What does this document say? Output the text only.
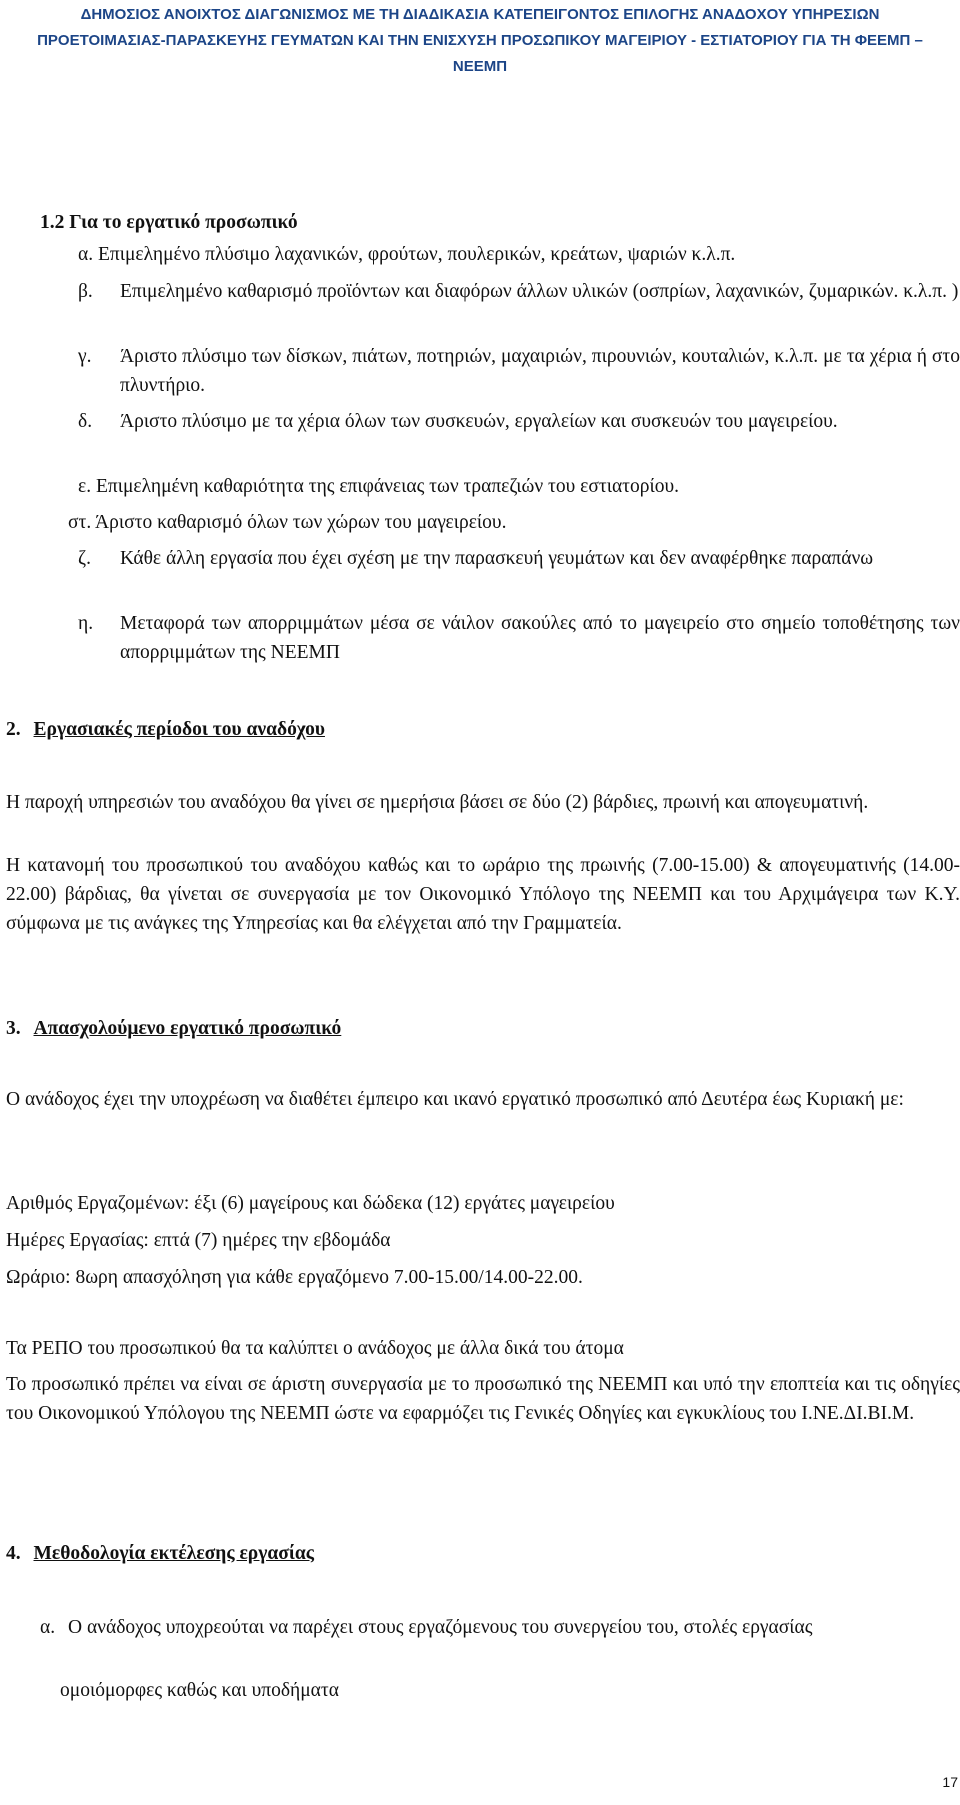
ΔΗΜΟΣΙΟΣ ΑΝΟΙΧΤΟΣ ΔΙΑΓΩΝΙΣΜΟΣ ΜΕ ΤΗ ΔΙΑΔΙΚΑΣΙΑ ΚΑΤΕΠΕΙΓΟΝΤΟΣ ΕΠΙΛΟΓΗΣ ΑΝΑΔΟΧΟΥ ΥΠΗΡΕΣΙΩΝ
ΠΡΟΕΤΟΙΜΑΣΙΑΣ-ΠΑΡΑΣΚΕΥΗΣ ΓΕΥΜΑΤΩΝ ΚΑΙ ΤΗΝ ΕΝΙΣΧΥΣΗ ΠΡΟΣΩΠΙΚΟΥ ΜΑΓΕΙΡΙΟΥ - ΕΣΤΙΑΤΟΡΙΟΥ ΓΙΑ ΤΗ ΦΕΕΜΠ –
ΝΕΕΜΠ
1.2 Για το εργατικό προσωπικό
α. Επιμελημένο πλύσιμο λαχανικών, φρούτων, πουλερικών, κρεάτων, ψαριών κ.λ.π.
β. Επιμελημένο καθαρισμό προϊόντων και διαφόρων άλλων υλικών (οσπρίων, λαχανικών, ζυμαρικών. κ.λ.π. )
γ. Άριστο πλύσιμο των δίσκων, πιάτων, ποτηριών, μαχαιριών, πιρουνιών, κουταλιών, κ.λ.π. με τα χέρια ή στο πλυντήριο.
δ. Άριστο πλύσιμο με τα χέρια όλων των συσκευών, εργαλείων και συσκευών του μαγειρείου.
ε. Επιμελημένη καθαριότητα της επιφάνειας των τραπεζιών του εστιατορίου.
στ. Άριστο καθαρισμό όλων των χώρων του μαγειρείου.
ζ. Κάθε άλλη εργασία που έχει σχέση με την παρασκευή γευμάτων και δεν αναφέρθηκε παραπάνω
η. Μεταφορά των απορριμμάτων μέσα σε νάιλον σακούλες από το μαγειρείο στο σημείο τοποθέτησης των απορριμμάτων της ΝΕΕΜΠ
2. Εργασιακές περίοδοι του αναδόχου
Η παροχή υπηρεσιών του αναδόχου θα γίνει σε ημερήσια βάσει σε δύο (2) βάρδιες, πρωινή και απογευματινή.
Η κατανομή του προσωπικού του αναδόχου καθώς και το ωράριο της πρωινής (7.00-15.00) & απογευματινής (14.00-22.00) βάρδιας, θα γίνεται σε συνεργασία με τον Οικονομικό Υπόλογο της ΝΕΕΜΠ και του Αρχιμάγειρα των Κ.Υ. σύμφωνα με τις ανάγκες της Υπηρεσίας και θα ελέγχεται από την Γραμματεία.
3. Απασχολούμενο εργατικό προσωπικό
Ο ανάδοχος έχει την υποχρέωση να διαθέτει έμπειρο και ικανό εργατικό προσωπικό από Δευτέρα έως Κυριακή με:
Αριθμός Εργαζομένων: έξι (6) μαγείρους και δώδεκα (12) εργάτες μαγειρείου
Ημέρες Εργασίας: επτά (7) ημέρες την εβδομάδα
Ωράριο: 8ωρη απασχόληση για κάθε εργαζόμενο 7.00-15.00/14.00-22.00.
Τα ΡΕΠΟ του προσωπικού θα τα καλύπτει ο ανάδοχος με άλλα δικά του άτομα
Το προσωπικό πρέπει να είναι σε άριστη συνεργασία με το προσωπικό της ΝΕΕΜΠ και υπό την εποπτεία και τις οδηγίες του Οικονομικού Υπόλογου της ΝΕΕΜΠ ώστε να εφαρμόζει τις Γενικές Οδηγίες και εγκυκλίους του Ι.ΝΕ.ΔΙ.ΒΙ.Μ.
4. Μεθοδολογία εκτέλεσης εργασίας
α. Ο ανάδοχος υποχρεούται να παρέχει στους εργαζόμενους του συνεργείου του, στολές εργασίας
ομοιόμορφες καθώς και υποδήματα
17
